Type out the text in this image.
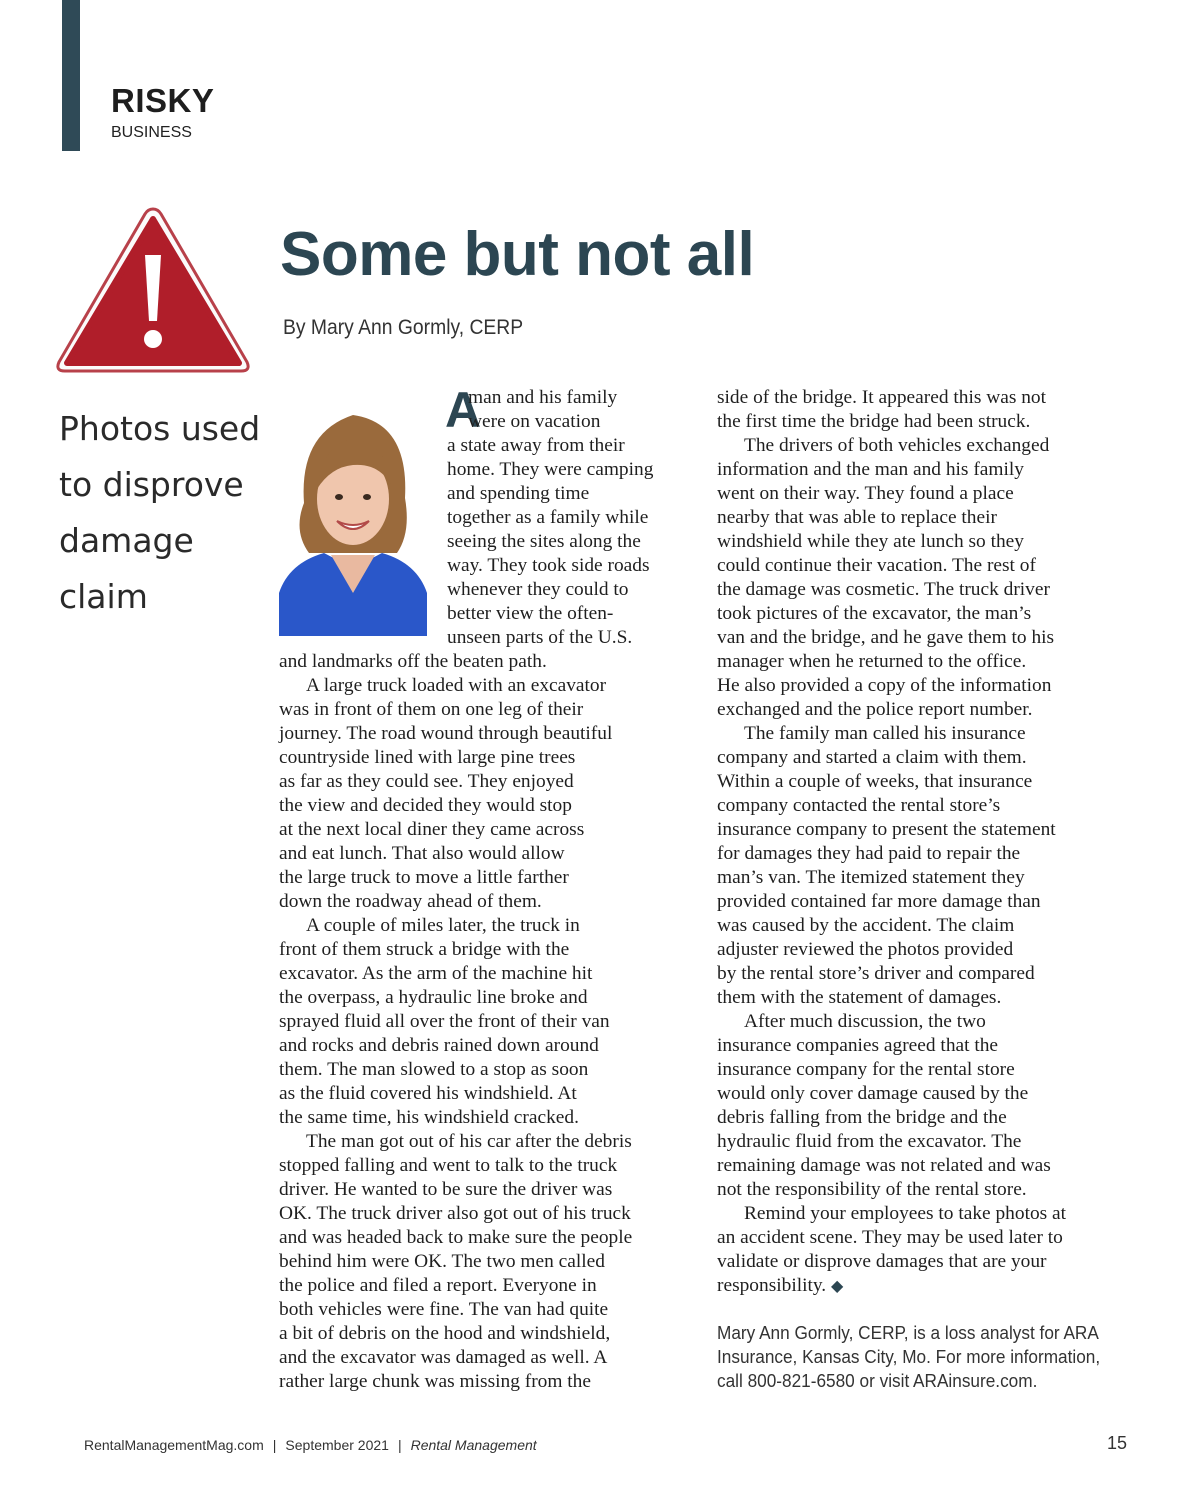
RISKY
BUSINESS
Some but not all
By Mary Ann Gormly, CERP
Photos used
to disprove
damage
claim
A
man and his family
were on vacation
a state away from their
home. They were camping
and spending time
together as a family while
seeing the sites along the
way. They took side roads
whenever they could to
better view the often-
unseen parts of the U.S.
and landmarks off the beaten path.
A large truck loaded with an excavator
was in front of them on one leg of their
journey. The road wound through beautiful
countryside lined with large pine trees
as far as they could see. They enjoyed
the view and decided they would stop
at the next local diner they came across
and eat lunch. That also would allow
the large truck to move a little farther
down the roadway ahead of them.
A couple of miles later, the truck in
front of them struck a bridge with the
excavator. As the arm of the machine hit
the overpass, a hydraulic line broke and
sprayed fluid all over the front of their van
and rocks and debris rained down around
them. The man slowed to a stop as soon
as the fluid covered his windshield. At
the same time, his windshield cracked.
The man got out of his car after the debris
stopped falling and went to talk to the truck
driver. He wanted to be sure the driver was
OK. The truck driver also got out of his truck
and was headed back to make sure the people
behind him were OK. The two men called
the police and filed a report. Everyone in
both vehicles were fine. The van had quite
a bit of debris on the hood and windshield,
and the excavator was damaged as well. A
rather large chunk was missing from the
side of the bridge. It appeared this was not
the first time the bridge had been struck.
The drivers of both vehicles exchanged
information and the man and his family
went on their way. They found a place
nearby that was able to replace their
windshield while they ate lunch so they
could continue their vacation. The rest of
the damage was cosmetic. The truck driver
took pictures of the excavator, the man’s
van and the bridge, and he gave them to his
manager when he returned to the office.
He also provided a copy of the information
exchanged and the police report number.
The family man called his insurance
company and started a claim with them.
Within a couple of weeks, that insurance
company contacted the rental store’s
insurance company to present the statement
for damages they had paid to repair the
man’s van. The itemized statement they
provided contained far more damage than
was caused by the accident. The claim
adjuster reviewed the photos provided
by the rental store’s driver and compared
them with the statement of damages.
After much discussion, the two
insurance companies agreed that the
insurance company for the rental store
would only cover damage caused by the
debris falling from the bridge and the
hydraulic fluid from the excavator. The
remaining damage was not related and was
not the responsibility of the rental store.
Remind your employees to take photos at
an accident scene. They may be used later to
validate or disprove damages that are your
responsibility. ◆
Mary Ann Gormly, CERP, is a loss analyst for ARA
Insurance, Kansas City, Mo. For more information,
call 800-821-6580 or visit ARAinsure.com.
RentalManagementMag.com | September 2021 | Rental Management	15
